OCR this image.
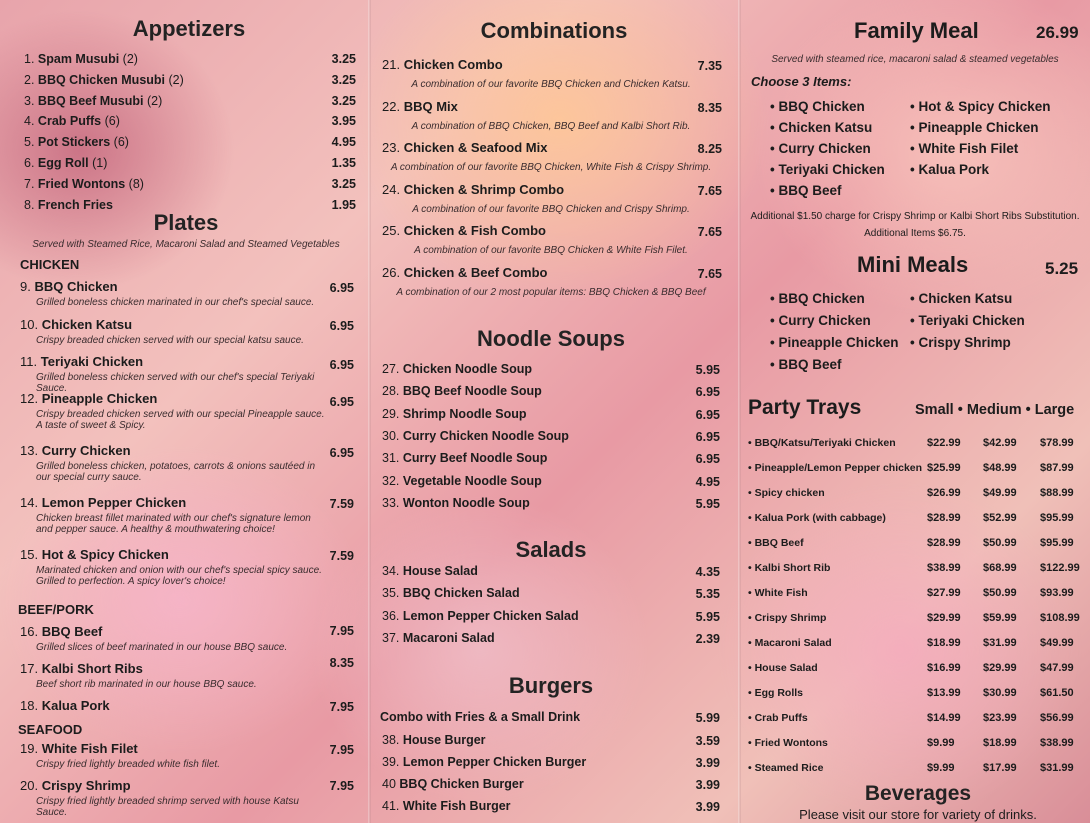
Appetizers
1. Spam Musubi (2)	3.25
2. BBQ Chicken Musubi (2)	3.25
3. BBQ Beef Musubi (2)	3.25
4. Crab Puffs (6)	3.95
5. Pot Stickers (6)	4.95
6. Egg Roll (1)	1.35
7. Fried Wontons (8)	3.25
8. French Fries	1.95
Plates
Served with Steamed Rice, Macaroni Salad and Steamed Vegetables
CHICKEN
BEEF/PORK
SEAFOOD
9. BBQ Chicken	6.95
Grilled boneless chicken marinated in our chef's special sauce.
10. Chicken Katsu	6.95
Crispy breaded chicken served with our special katsu sauce.
11. Teriyaki Chicken	6.95
Grilled boneless chicken served with our chef's special Teriyaki Sauce.
12. Pineapple Chicken	6.95
Crispy breaded chicken served with our special Pineapple sauce. A taste of sweet & Spicy.
13. Curry Chicken	6.95
Grilled boneless chicken, potatoes, carrots & onions sautéed in our special curry sauce.
14. Lemon Pepper Chicken	7.59
Chicken breast fillet marinated with our chef's signature lemon and pepper sauce. A healthy & mouthwatering choice!
15. Hot & Spicy Chicken	7.59
Marinated chicken and onion with our chef's special spicy sauce. Grilled to perfection. A spicy lover's choice!
16. BBQ Beef	7.95
Grilled slices of beef marinated in our house BBQ sauce.
17. Kalbi Short Ribs	8.35
Beef short rib marinated in our house BBQ sauce.
18. Kalua Pork	7.95
19. White Fish Filet	7.95
Crispy fried lightly breaded white fish filet.
20. Crispy Shrimp	7.95
Crispy fried lightly breaded shrimp served with house Katsu Sauce.
Combinations
21. Chicken Combo	7.35
A combination of our favorite BBQ Chicken and Chicken Katsu.
22. BBQ Mix	8.35
A combination of BBQ Chicken, BBQ Beef and Kalbi Short Rib.
23. Chicken & Seafood Mix	8.25
A combination of our favorite BBQ Chicken, White Fish & Crispy Shrimp.
24. Chicken & Shrimp Combo	7.65
A combination of our favorite BBQ Chicken and Crispy Shrimp.
25. Chicken & Fish Combo	7.65
A combination of our favorite BBQ Chicken & White Fish Filet.
26. Chicken & Beef Combo	7.65
A combination of our 2 most popular items: BBQ Chicken & BBQ Beef
Noodle Soups
27. Chicken Noodle Soup	5.95
28. BBQ Beef Noodle Soup	6.95
29. Shrimp Noodle Soup	6.95
30. Curry Chicken Noodle Soup	6.95
31. Curry Beef Noodle Soup	6.95
32. Vegetable Noodle Soup	4.95
33. Wonton Noodle Soup	5.95
Salads
34. House Salad	4.35
35. BBQ Chicken Salad	5.35
36. Lemon Pepper Chicken Salad	5.95
37. Macaroni Salad	2.39
Burgers
Combo with Fries & a Small Drink	5.99
38. House Burger	3.59
39. Lemon Pepper Chicken Burger	3.99
40 BBQ Chicken Burger	3.99
41. White Fish Burger	3.99
Family Meal	26.99
Served with steamed rice, macaroni salad & steamed vegetables
Choose 3 Items:
• BBQ Chicken
• Chicken Katsu
• Curry Chicken
• Teriyaki Chicken
• BBQ Beef
• Hot & Spicy Chicken
• Pineapple Chicken
• White Fish Filet
• Kalua Pork
Additional $1.50 charge for Crispy Shrimp or Kalbi Short Ribs Substitution.
Additional Items $6.75.
Mini Meals	5.25
• BBQ Chicken
• Curry Chicken
• Pineapple Chicken
• BBQ Beef
• Chicken Katsu
• Teriyaki Chicken
• Crispy Shrimp
Party Trays	Small • Medium • Large
• BBQ/Katsu/Teriyaki Chicken	$22.99 $42.99 $78.99
• Pineapple/Lemon Pepper chicken $25.99 $48.99 $87.99
• Spicy chicken	$26.99 $49.99 $88.99
• Kalua Pork (with cabbage)	$28.99 $52.99 $95.99
• BBQ Beef	$28.99 $50.99 $95.99
• Kalbi Short Rib	$38.99 $68.99 $122.99
• White Fish	$27.99 $50.99 $93.99
• Crispy Shrimp	$29.99 $59.99 $108.99
• Macaroni Salad	$18.99 $31.99 $49.99
• House Salad	$16.99 $29.99 $47.99
• Egg Rolls	$13.99 $30.99 $61.50
• Crab Puffs	$14.99 $23.99 $56.99
• Fried Wontons	$9.99	$18.99 $38.99
• Steamed Rice	$9.99	$17.99 $31.99
Beverages
Please visit our store for variety of drinks.
